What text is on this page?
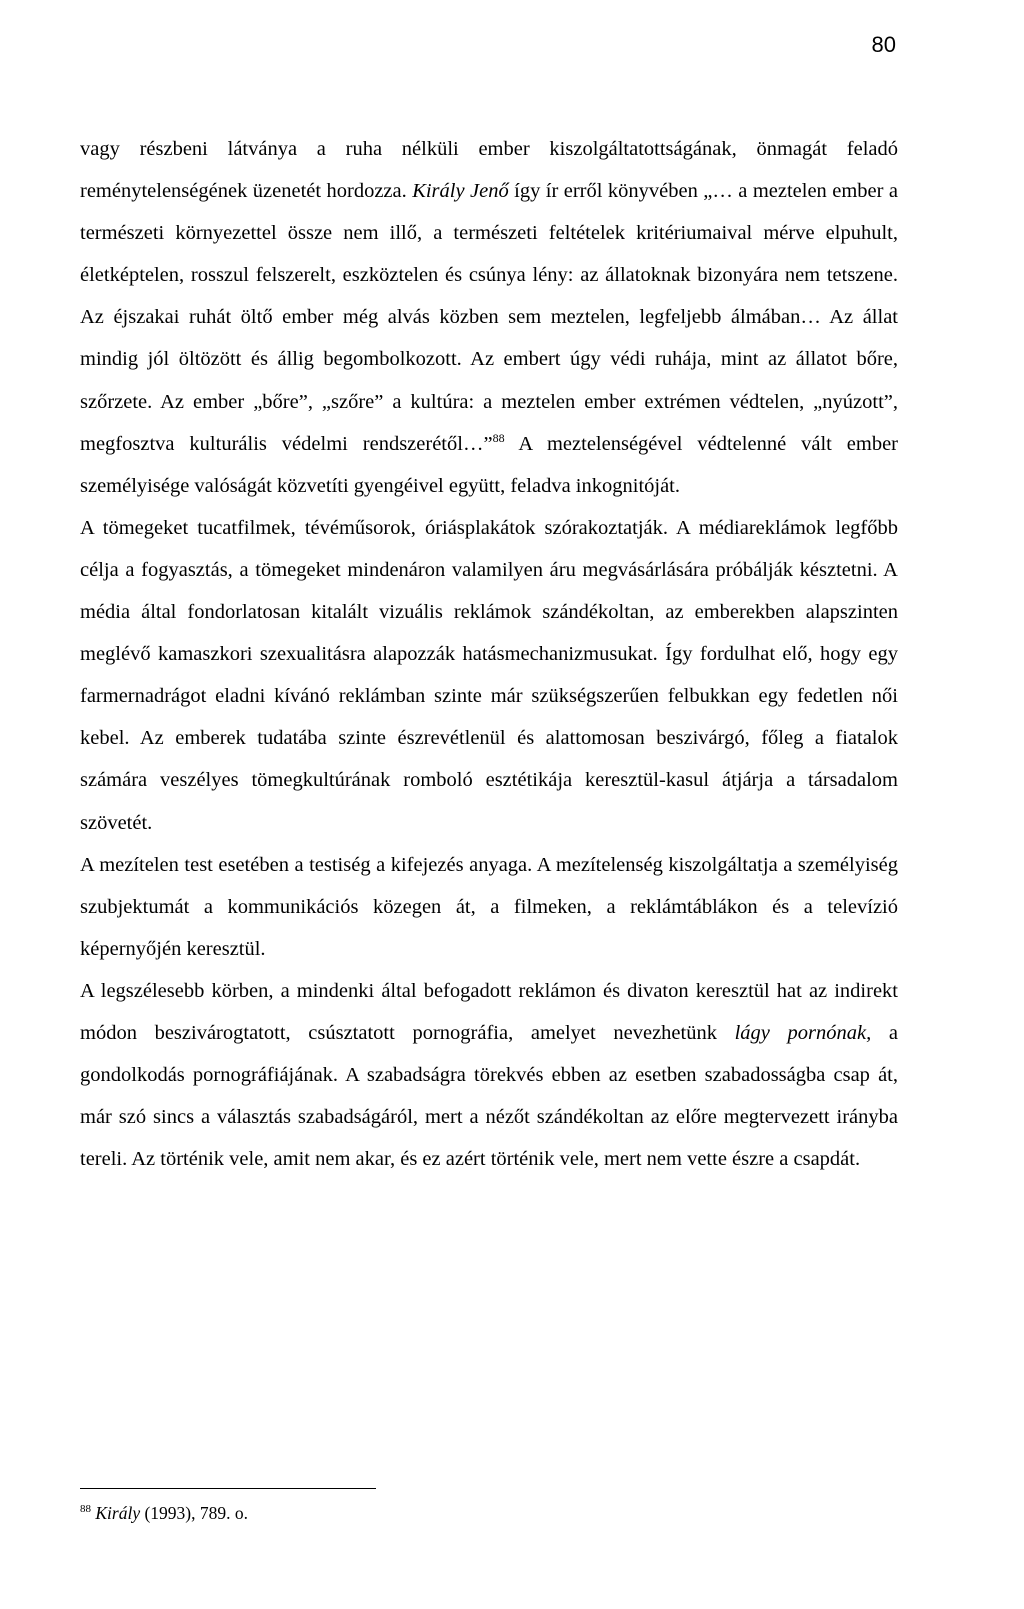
80

vagy részbeni látványa a ruha nélküli ember kiszolgáltatottságának, önmagát feladó reménytelenségének üzenetét hordozza. Király Jenő így ír erről könyvében „… a meztelen ember a természeti környezettel össze nem illő, a természeti feltételek kritériumaival mérve elpuhult, életképtelen, rosszul felszerelt, eszköztelen és csúnya lény: az állatoknak bizonyára nem tetszene. Az éjszakai ruhát öltő ember még alvás közben sem meztelen, legfeljebb álmában… Az állat mindig jól öltözött és állig begombolkozott. Az embert úgy védi ruhája, mint az állatot bőre, szőrzete. Az ember „bőre”, „szőre” a kultúra: a meztelen ember extrémen védtelen, „nyúzott”, megfosztva kulturális védelmi rendszerétől…”$^{88}$ A meztelenségével védtelenné vált ember személyisége valóságát közvetíti gyengéivel együtt, feladva inkognitóját.

A tömegeket tucatfilmek, tévéműsorok, óriásplakátok szórakoztatják. A médiareklámok legfőbb célja a fogyasztás, a tömegeket mindenáron valamilyen áru megvásárlására próbálják késztetni. A média által fondorlatosan kitalált vizuális reklámok szándékoltan, az emberekben alapszinten meglévő kamaszkori szexualitásra alapozzák hatásmechanizmusukat. Így fordulhat elő, hogy egy farmernadrágot eladni kívánó reklámban szinte már szükségszerűen felbukkan egy fedetlen női kebel. Az emberek tudatába szinte észrevétlenül és alattomosan beszivárgó, főleg a fiatalok számára veszélyes tömegkultúrának romboló esztétikája keresztül-kasul átjárja a társadalom szövetét.

A mezítelen test esetében a testiség a kifejezés anyaga. A mezítelenség kiszolgáltatja a személyiség szubjektumát a kommunikációs közegen át, a filmeken, a reklámtáblákon és a televízió képernyőjén keresztül.

A legszélesebb körben, a mindenki által befogadott reklámon és divaton keresztül hat az indirekt módon beszivárogtatott, csúsztatott pornográfia, amelyet nevezhetünk lágy pornónak, a gondolkodás pornográfiájának. A szabadságra törekvés ebben az esetben szabadosságba csap át, már szó sincs a választás szabadságáról, mert a nézőt szándékoltan az előre megtervezett irányba tereli. Az történik vele, amit nem akar, és ez azért történik vele, mert nem vette észre a csapdát.

$^{88}$ Király (1993), 789. o.
